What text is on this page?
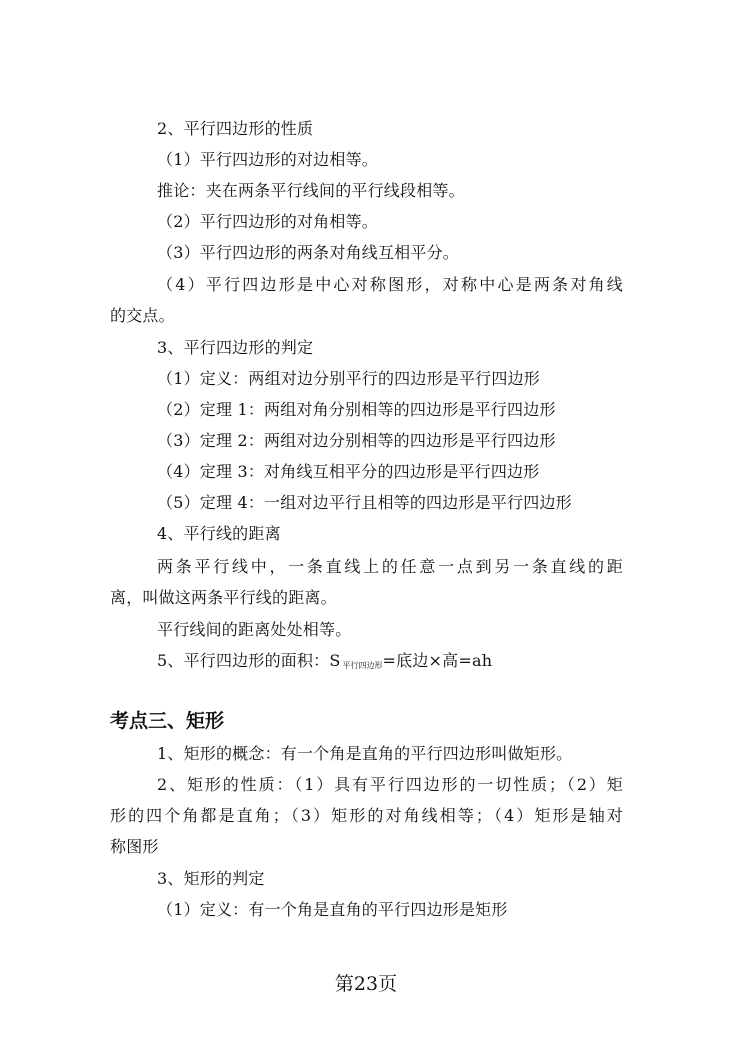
2、平行四边形的性质
（1）平行四边形的对边相等。
推论：夹在两条平行线间的平行线段相等。
（2）平行四边形的对角相等。
（3）平行四边形的两条对角线互相平分。
（4）平行四边形是中心对称图形，对称中心是两条对角线
的交点。
3、平行四边形的判定
（1）定义：两组对边分别平行的四边形是平行四边形
（2）定理 1：两组对角分别相等的四边形是平行四边形
（3）定理 2：两组对边分别相等的四边形是平行四边形
（4）定理 3：对角线互相平分的四边形是平行四边形
（5）定理 4：一组对边平行且相等的四边形是平行四边形
4、平行线的距离
两条平行线中，一条直线上的任意一点到另一条直线的距
离，叫做这两条平行线的距离。
平行线间的距离处处相等。
5、平行四边形的面积：S $_{平行四边形}$=底边×高=ah
考点三、矩形
1、矩形的概念：有一个角是直角的平行四边形叫做矩形。
2、矩形的性质：（1）具有平行四边形的一切性质；（2）矩
形的四个角都是直角；（3）矩形的对角线相等；（4）矩形是轴对
称图形
3、矩形的判定
（1）定义：有一个角是直角的平行四边形是矩形
第23页
